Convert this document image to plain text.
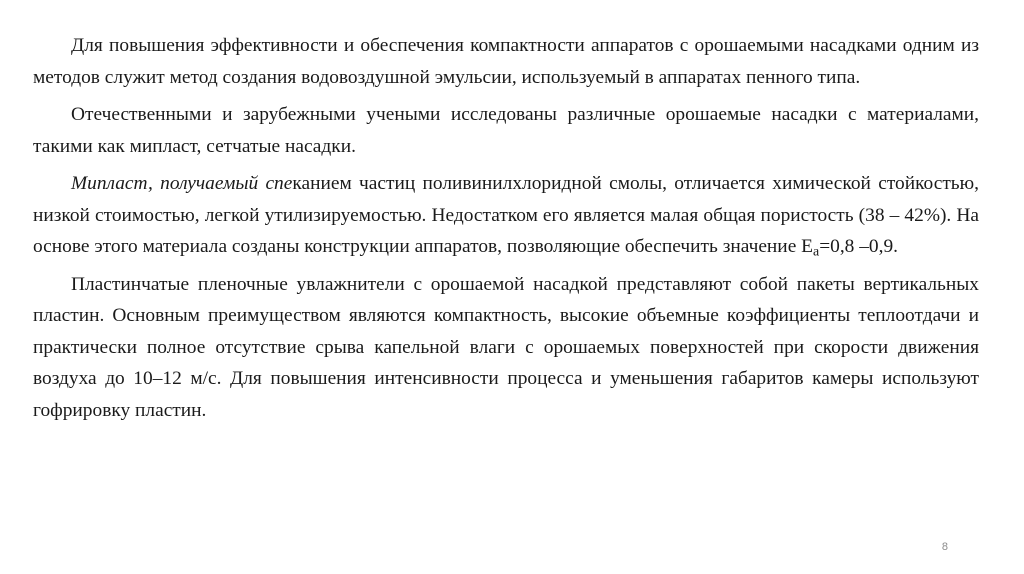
Для повышения эффективности и обеспечения компактности аппаратов с орошаемыми насадками одним из методов служит метод создания водовоздушной эмульсии, используемый в аппаратах пенного типа.

Отечественными и зарубежными учеными исследованы различные орошаемые насадки с материалами, такими как мипласт, сетчатые насадки.

Мипласт, получаемый спеканием частиц поливинилхлоридной смолы, отличается химической стойкостью, низкой стоимостью, легкой утилизируемостью. Недостатком его является малая общая пористость (38 – 42%). На основе этого материала созданы конструкции аппаратов, позволяющие обеспечить значение $E_a=0,8$ –0,9.

Пластинчатые пленочные увлажнители с орошаемой насадкой представляют собой пакеты вертикальных пластин. Основным преимуществом являются компактность, высокие объемные коэффициенты теплоотдачи и практически полное отсутствие срыва капельной влаги с орошаемых поверхностей при скорости движения воздуха до 10–12 м/с. Для повышения интенсивности процесса и уменьшения габаритов камеры используют гофрировку пластин.

8
